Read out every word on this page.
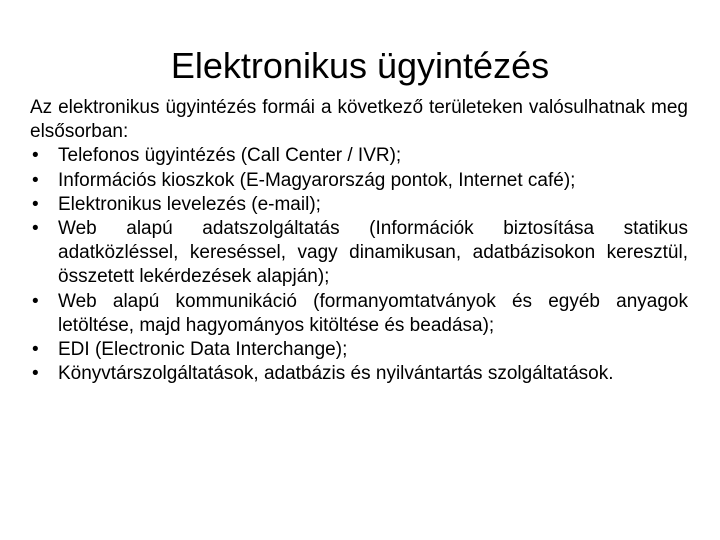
Elektronikus ügyintézés

Az elektronikus ügyintézés formái a következő területeken valósulhatnak meg elsősorban:

• Telefonos ügyintézés (Call Center / IVR);
• Információs kioszkok (E-Magyarország pontok, Internet café);
• Elektronikus levelezés (e-mail);
• Web alapú adatszolgáltatás (Információk biztosítása statikus adatközléssel, kereséssel, vagy dinamikusan, adatbázisokon keresztül, összetett lekérdezések alapján);
• Web alapú kommunikáció (formanyomtatványok és egyéb anyagok letöltése, majd hagyományos kitöltése és beadása);
• EDI (Electronic Data Interchange);
• Könyvtárszolgáltatások, adatbázis és nyilvántartás szolgáltatások.
